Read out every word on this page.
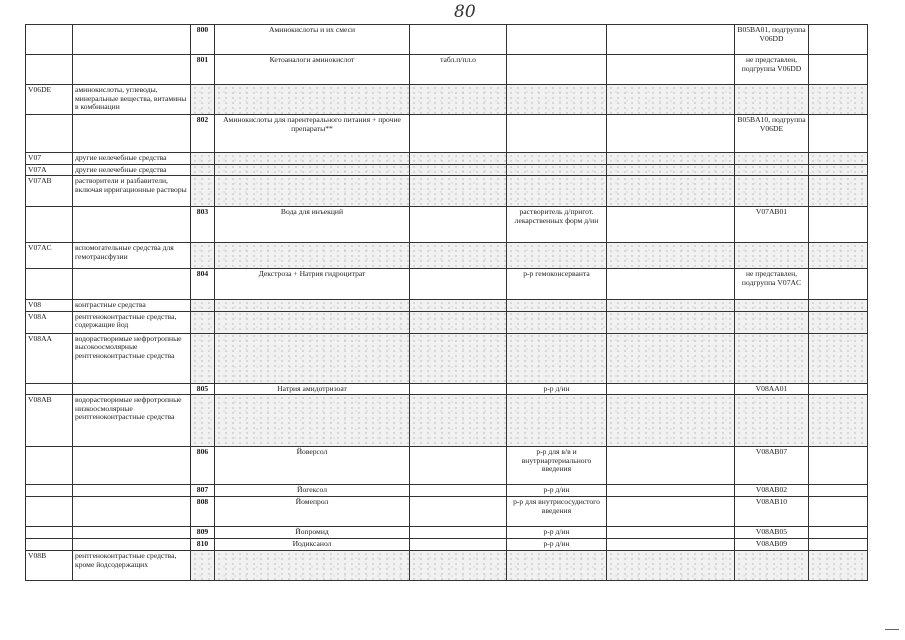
80
		800	Аминокислоты и их смеси				B05BA01, подгруппа V06DD	
		801	Кетоаналоги аминокислот	табл.п/пл.о			не представлен, подгруппа V06DD	
V06DE	аминокислоты, углеводы, минеральные вещества, витамины в комбинации							
		802	Аминокислоты для парентерального питания + прочие препараты**				B05BA10, подгруппа V06DE	
V07	другие нелечебные средства							
V07A	другие нелечебные средства							
V07AB	растворители и разбавители, включая ирригационные растворы							
		803	Вода для инъекций		растворитель д/пригот. лекарственных форм д/ин		V07AB01	
V07AC	вспомогательные средства для гемотрансфузии							
		804	Декстроза + Натрия гидроцитрат		р-р гемоконсерванта		не представлен, подгруппа V07AC	
V08	контрастные средства							
V08A	рентгеноконтрастные средства, содержащие йод							
V08AA	водорастворимые нефротропные высокоосмолярные рентгеноконтрастные средства							
		805	Натрия амидотризоат		р-р д/ин		V08AA01	
V08AB	водорастворимые нефротропные низкоосмолярные рентгеноконтрастные средства							
		806	Йоверсол		р-р для в/в и внутриартериального введения		V08AB07	
		807	Йогексол		р-р д/ин		V08AB02	
		808	Йомепрол		р-р для внутрисосудистого введения		V08AB10	
		809	Йопромид		р-р д/ин		V08AB05	
		810	Иодиксанол		р-р д/ин		V08AB09	
V08B	рентгеноконтрастные средства, кроме йодсодержащих							
